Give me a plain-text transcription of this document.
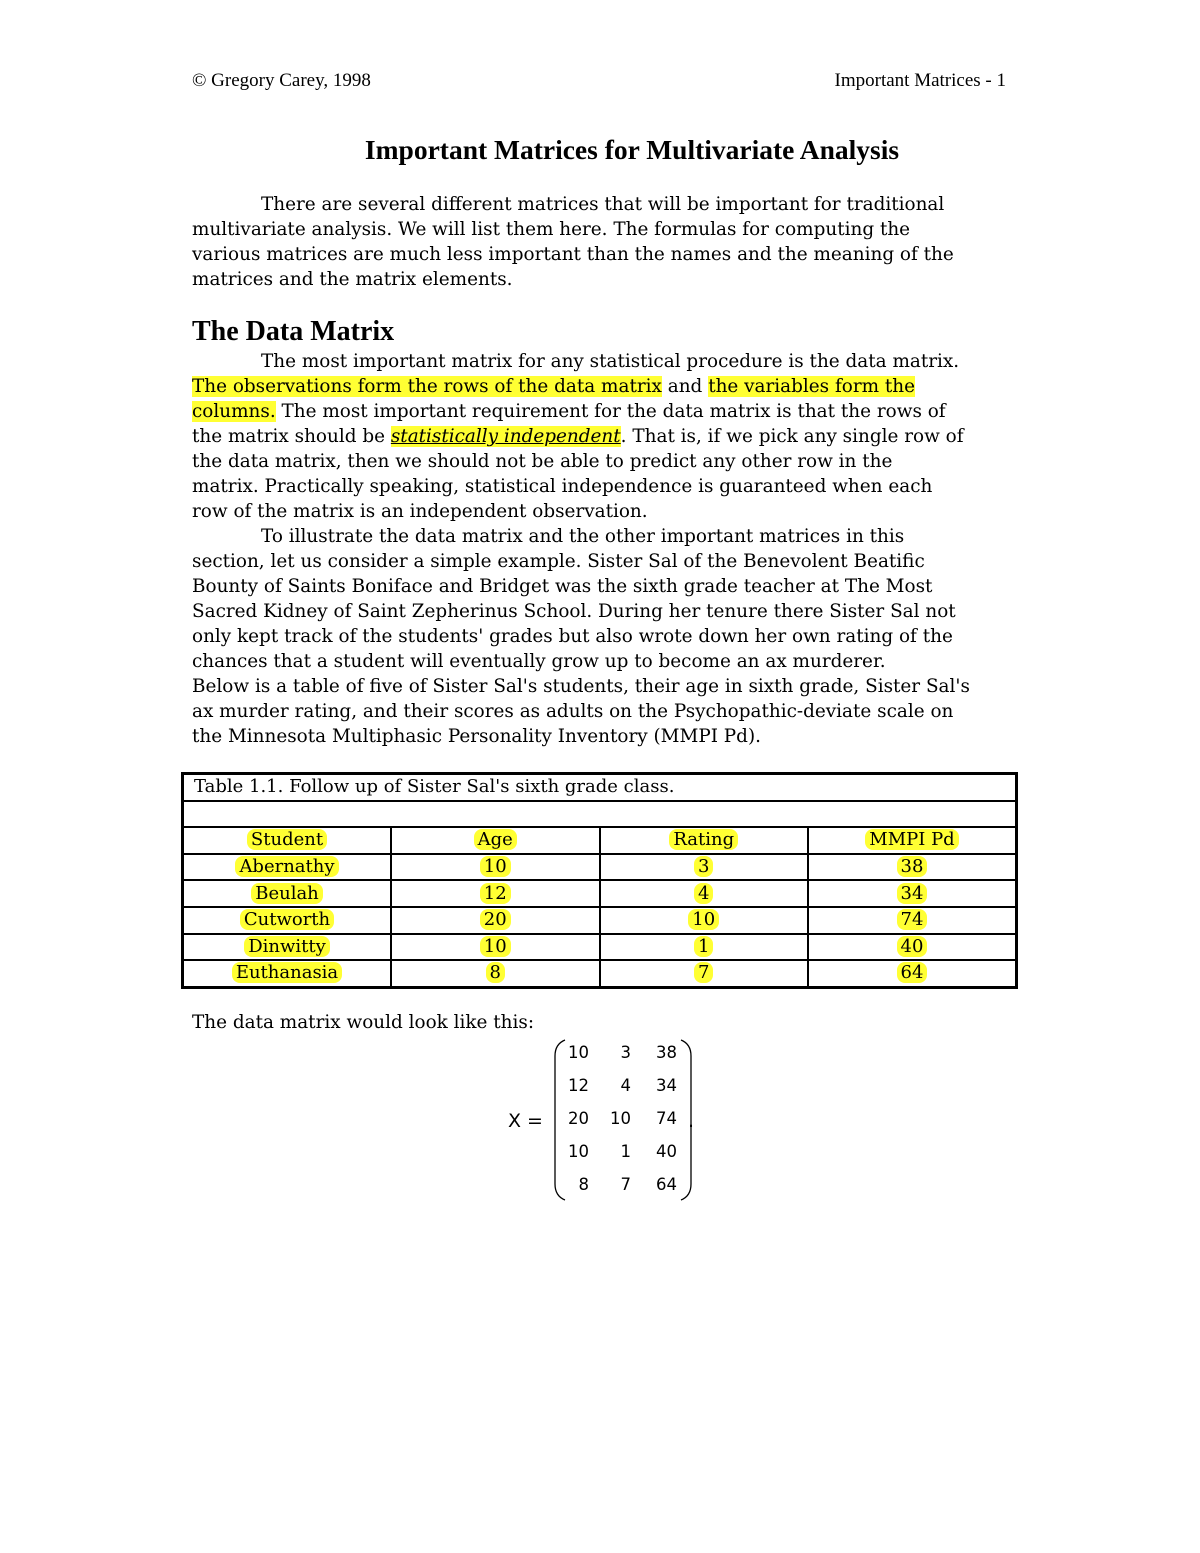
© Gregory Carey, 1998	Important Matrices - 1
Important Matrices for Multivariate Analysis
There are several different matrices that will be important for traditional
multivariate analysis. We will list them here. The formulas for computing the
various matrices are much less important than the names and the meaning of the
matrices and the matrix elements.
The Data Matrix
The most important matrix for any statistical procedure is the data matrix.
The observations form the rows of the data matrix and the variables form the
columns. The most important requirement for the data matrix is that the rows of
the matrix should be statistically independent. That is, if we pick any single row of
the data matrix, then we should not be able to predict any other row in the
matrix. Practically speaking, statistical independence is guaranteed when each
row of the matrix is an independent observation.
To illustrate the data matrix and the other important matrices in this
section, let us consider a simple example. Sister Sal of the Benevolent Beatific
Bounty of Saints Boniface and Bridget was the sixth grade teacher at The Most
Sacred Kidney of Saint Zepherinus School. During her tenure there Sister Sal not
only kept track of the students' grades but also wrote down her own rating of the
chances that a student will eventually grow up to become an ax murderer.
Below is a table of five of Sister Sal's students, their age in sixth grade, Sister Sal's
ax murder rating, and their scores as adults on the Psychopathic-deviate scale on
the Minnesota Multiphasic Personality Inventory (MMPI Pd).
Table 1.1. Follow up of Sister Sal's sixth grade class.			

Student	Age	Rating	MMPI Pd
Abernathy	10	3	38
Beulah	12	4	34
Cutworth	20	10	74
Dinwitty	10	1	40
Euthanasia	8	7	64
The data matrix would look like this:
X =
10	3	38
12	4	34
20	10	74
10	1	40
8	7	64
.
